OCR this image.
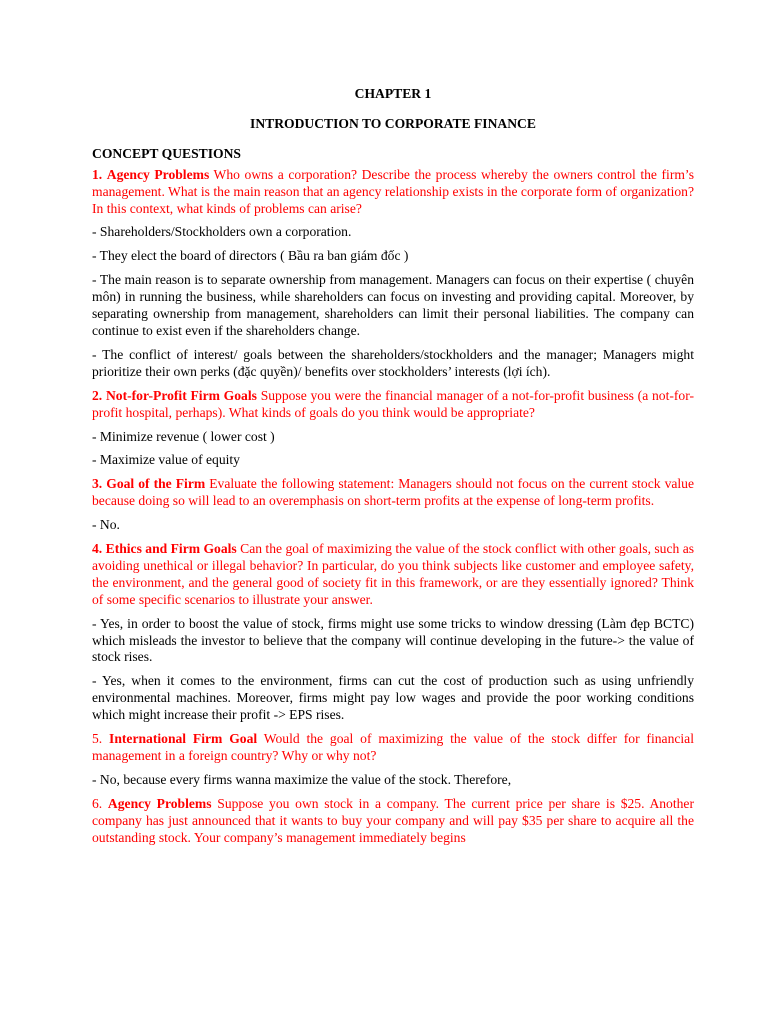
CHAPTER 1
INTRODUCTION TO CORPORATE FINANCE
CONCEPT QUESTIONS

1. Agency Problems Who owns a corporation? Describe the process whereby the owners control the firm’s management. What is the main reason that an agency relationship exists in the corporate form of organization? In this context, what kinds of problems can arise?

- Shareholders/Stockholders own a corporation.

- They elect the board of directors ( Bầu ra ban giám đốc )

- The main reason is to separate ownership from management. Managers can focus on their expertise ( chuyên môn) in running the business, while shareholders can focus on investing and providing capital. Moreover, by separating ownership from management, shareholders can limit their personal liabilities. The company can continue to exist even if the shareholders change.

- The conflict of interest/ goals between the shareholders/stockholders and the manager; Managers might prioritize their own perks (đặc quyền)/ benefits over stockholders’ interests (lợi ích).

2. Not-for-Profit Firm Goals Suppose you were the financial manager of a not-for-profit business (a not-for-profit hospital, perhaps). What kinds of goals do you think would be appropriate?

- Minimize revenue ( lower cost )

- Maximize value of equity

3. Goal of the Firm Evaluate the following statement: Managers should not focus on the current stock value because doing so will lead to an overemphasis on short-term profits at the expense of long-term profits.

- No.

4. Ethics and Firm Goals Can the goal of maximizing the value of the stock conflict with other goals, such as avoiding unethical or illegal behavior? In particular, do you think subjects like customer and employee safety, the environment, and the general good of society fit in this framework, or are they essentially ignored? Think of some specific scenarios to illustrate your answer.

- Yes, in order to boost the value of stock, firms might use some tricks to window dressing (Làm đẹp BCTC) which misleads the investor to believe that the company will continue developing in the future-> the value of stock rises.

- Yes, when it comes to the environment, firms can cut the cost of production such as using unfriendly environmental machines. Moreover, firms might pay low wages and provide the poor working conditions which might increase their profit -> EPS rises.

5. International Firm Goal Would the goal of maximizing the value of the stock differ for financial management in a foreign country? Why or why not?

- No, because every firms wanna maximize the value of the stock. Therefore,

6. Agency Problems Suppose you own stock in a company. The current price per share is $25. Another company has just announced that it wants to buy your company and will pay $35 per share to acquire all the outstanding stock. Your company’s management immediately begins
